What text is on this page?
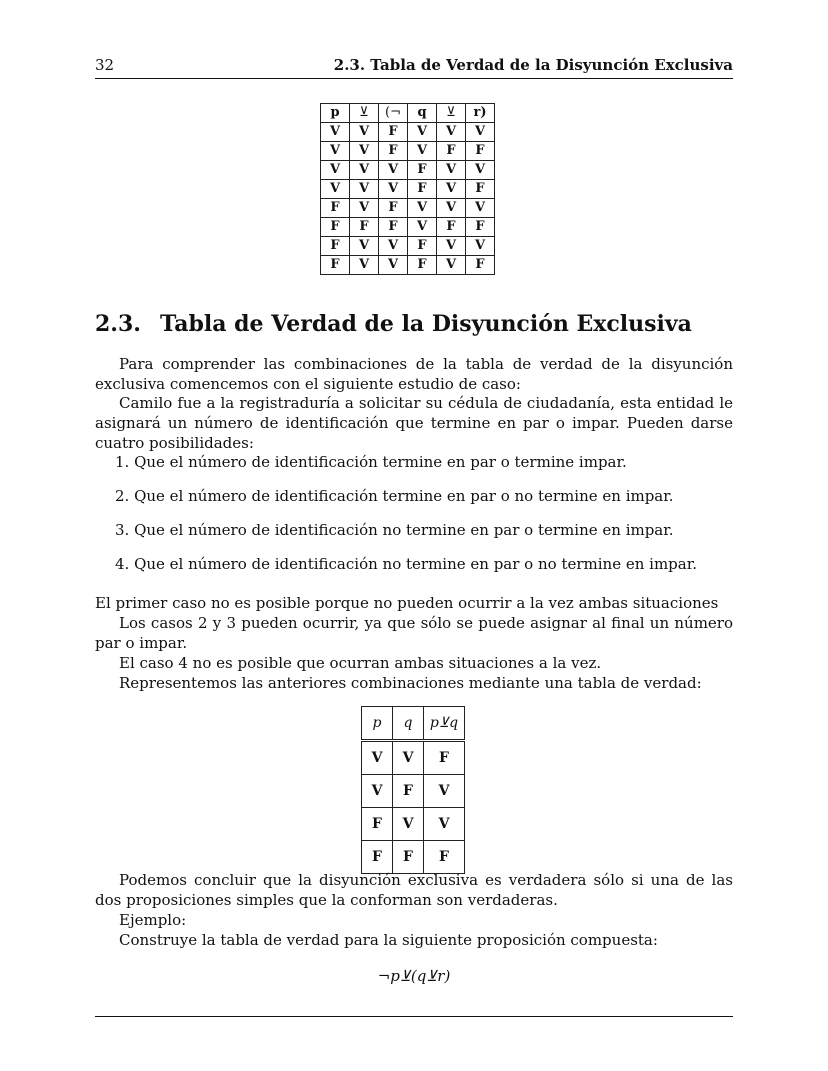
32	2.3. Tabla de Verdad de la Disyunción Exclusiva
p	⊻	(¬	q	⊻	r)
V	V	F	V	V	V
V	V	F	V	F	F
V	V	V	F	V	V
V	V	V	F	V	F
F	V	F	V	V	V
F	F	F	V	F	F
F	V	V	F	V	V
F	V	V	F	V	F
2.3. Tabla de Verdad de la Disyunción Exclusiva

Para comprender las combinaciones de la tabla de verdad de la disyunción exclusiva comencemos con el siguiente estudio de caso:

Camilo fue a la registraduría a solicitar su cédula de ciudadanía, esta entidad le asignará un número de identificación que termine en par o impar. Pueden darse cuatro posibilidades:

1. Que el número de identificación termine en par o termine impar.
2. Que el número de identificación termine en par o no termine en impar.
3. Que el número de identificación no termine en par o termine en impar.
4. Que el número de identificación no termine en par o no termine en impar.

El primer caso no es posible porque no pueden ocurrir a la vez ambas situaciones

Los casos 2 y 3 pueden ocurrir, ya que sólo se puede asignar al final un número par o impar.

El caso 4 no es posible que ocurran ambas situaciones a la vez.

Representemos las anteriores combinaciones mediante una tabla de verdad:

p	q	p⊻q
V	V	F
V	F	V
F	V	V
F	F	F

Podemos concluir que la disyunción exclusiva es verdadera sólo si una de las dos proposiciones simples que la conforman son verdaderas.

Ejemplo:

Construye la tabla de verdad para la siguiente proposición compuesta:

¬p⊻(q⊻r)
